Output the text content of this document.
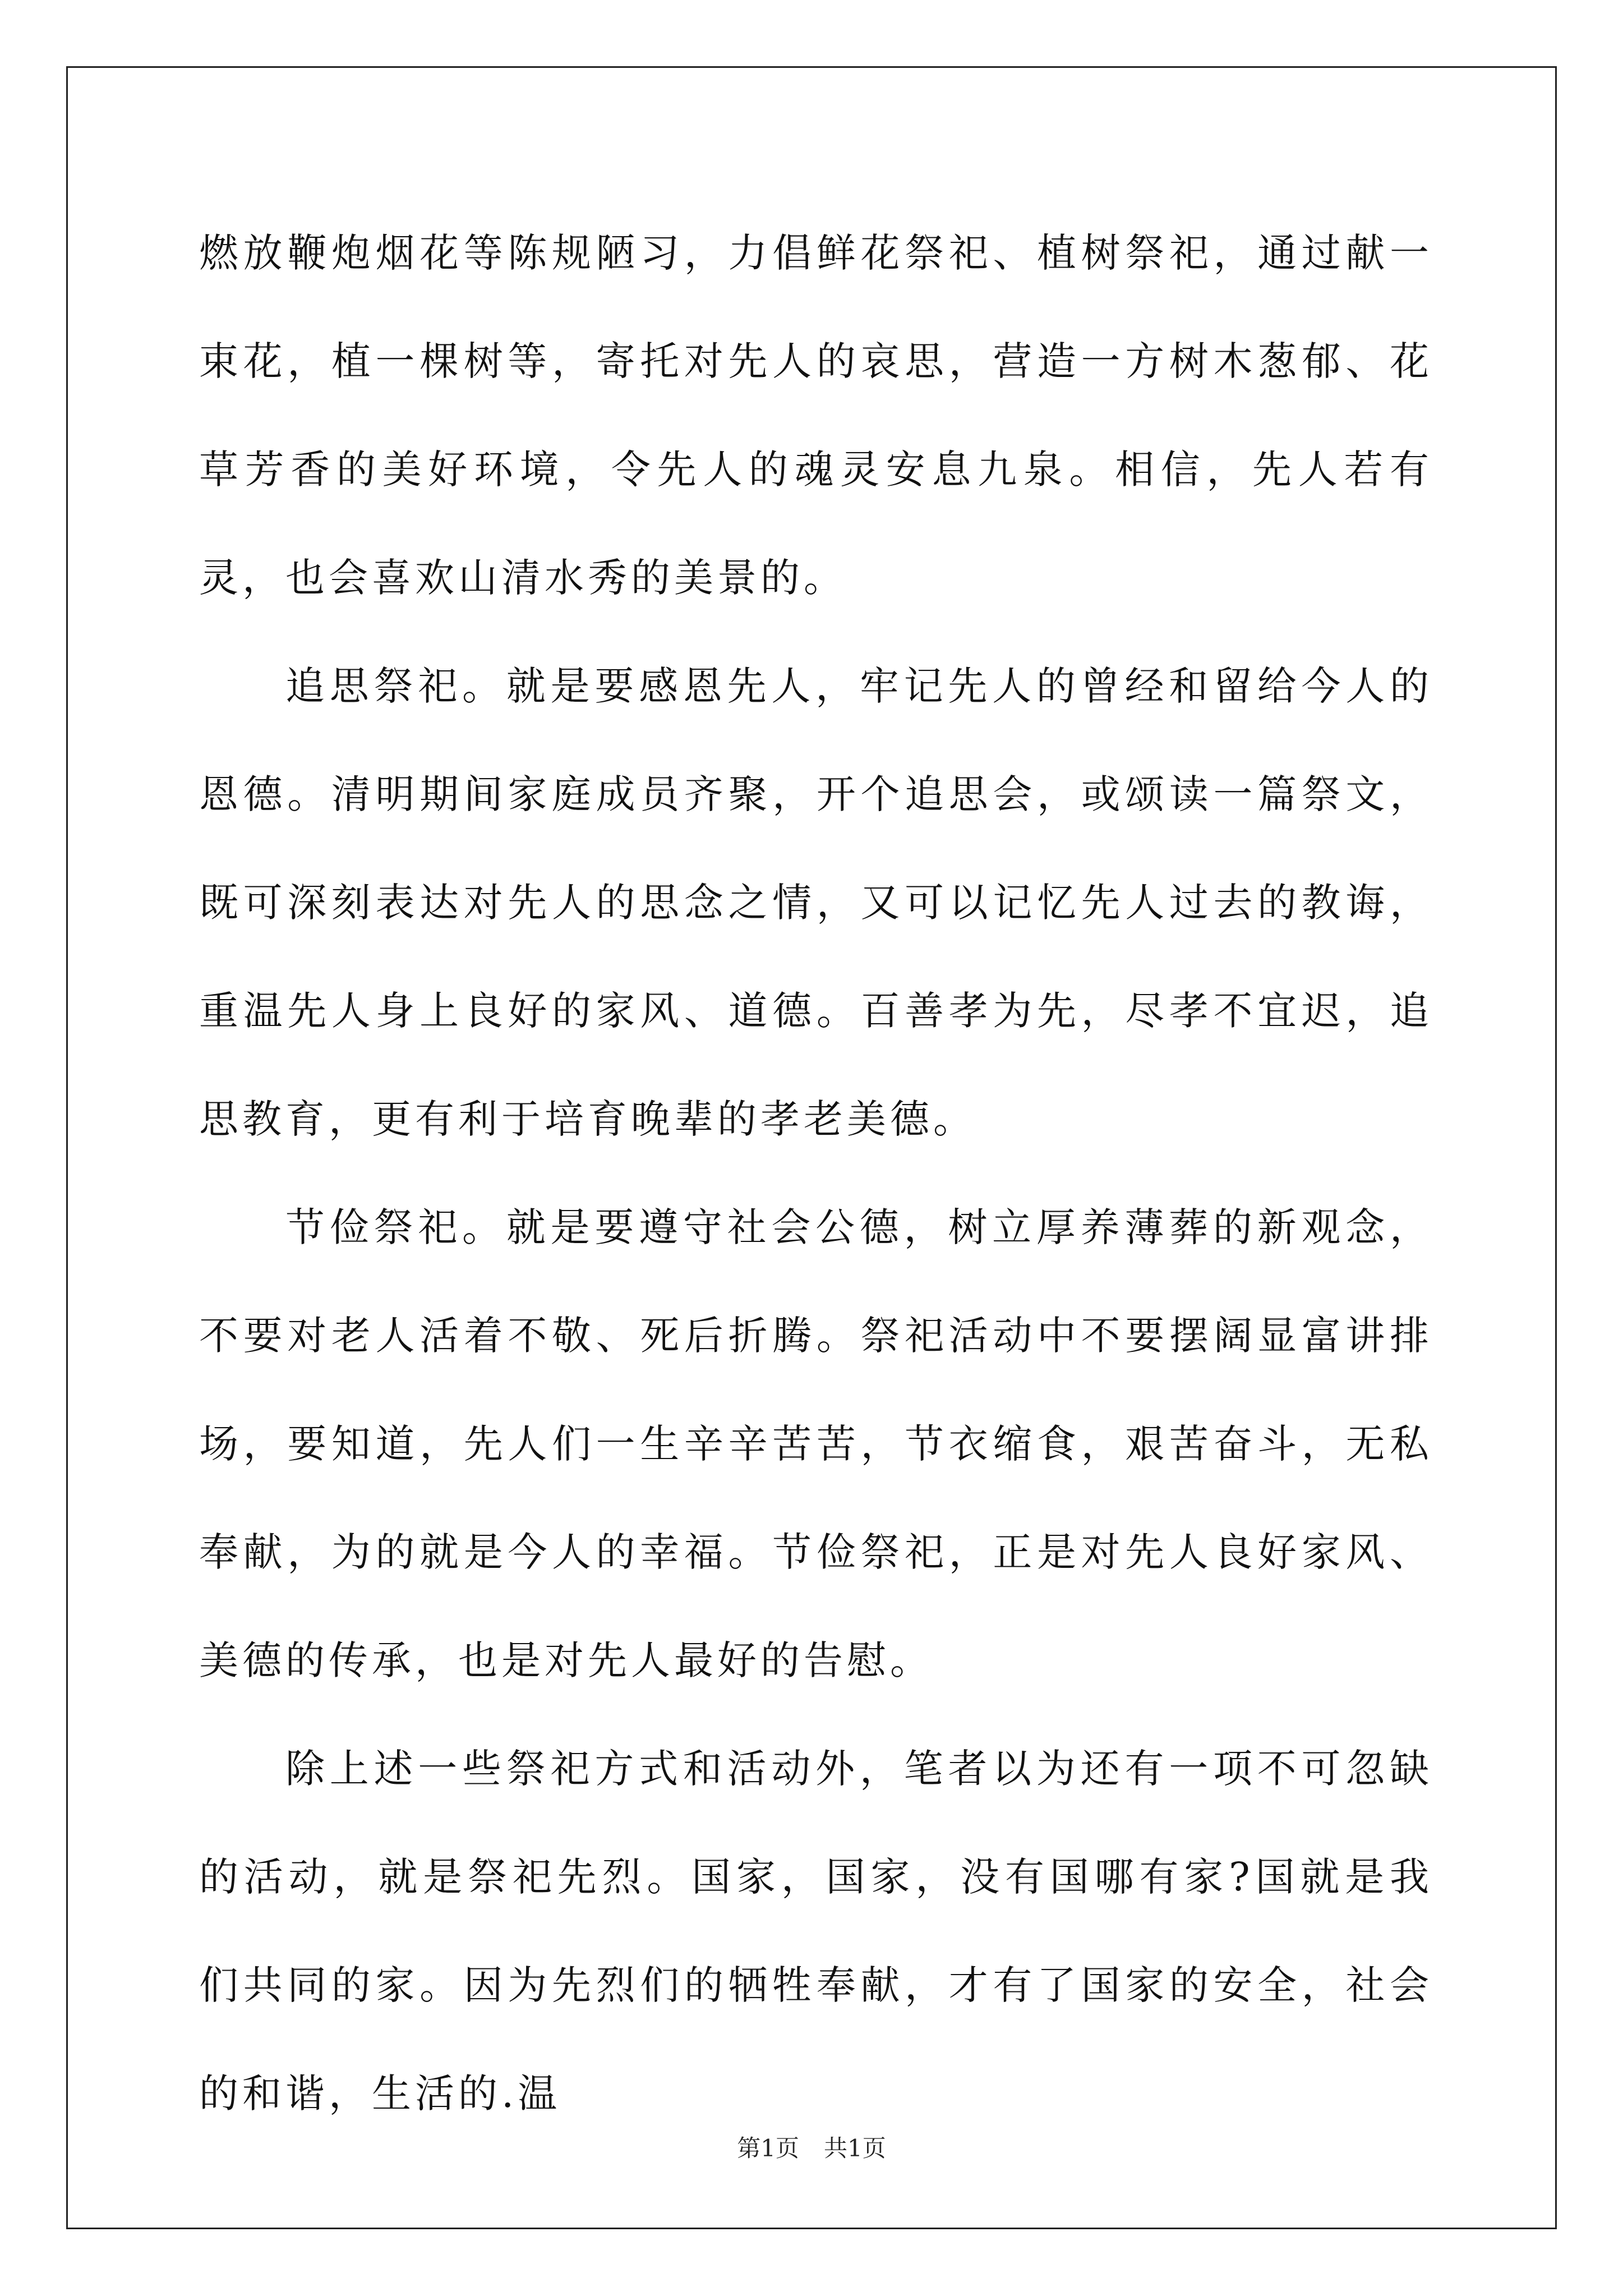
燃放鞭炮烟花等陈规陋习，力倡鲜花祭祀、植树祭祀，通过献一束花，植一棵树等，寄托对先人的哀思，营造一方树木葱郁、花草芳香的美好环境，令先人的魂灵安息九泉。相信，先人若有灵，也会喜欢山清水秀的美景的。

追思祭祀。就是要感恩先人，牢记先人的曾经和留给今人的恩德。清明期间家庭成员齐聚，开个追思会，或颂读一篇祭文，既可深刻表达对先人的思念之情，又可以记忆先人过去的教诲，重温先人身上良好的家风、道德。百善孝为先，尽孝不宜迟，追思教育，更有利于培育晚辈的孝老美德。

节俭祭祀。就是要遵守社会公德，树立厚养薄葬的新观念，不要对老人活着不敬、死后折腾。祭祀活动中不要摆阔显富讲排场，要知道，先人们一生辛辛苦苦，节衣缩食，艰苦奋斗，无私奉献，为的就是今人的幸福。节俭祭祀，正是对先人良好家风、美德的传承，也是对先人最好的告慰。

除上述一些祭祀方式和活动外，笔者以为还有一项不可忽缺的活动，就是祭祀先烈。国家，国家，没有国哪有家?国就是我们共同的家。因为先烈们的牺牲奉献，才有了国家的安全，社会的和谐，生活的.温

第1页 共1页
